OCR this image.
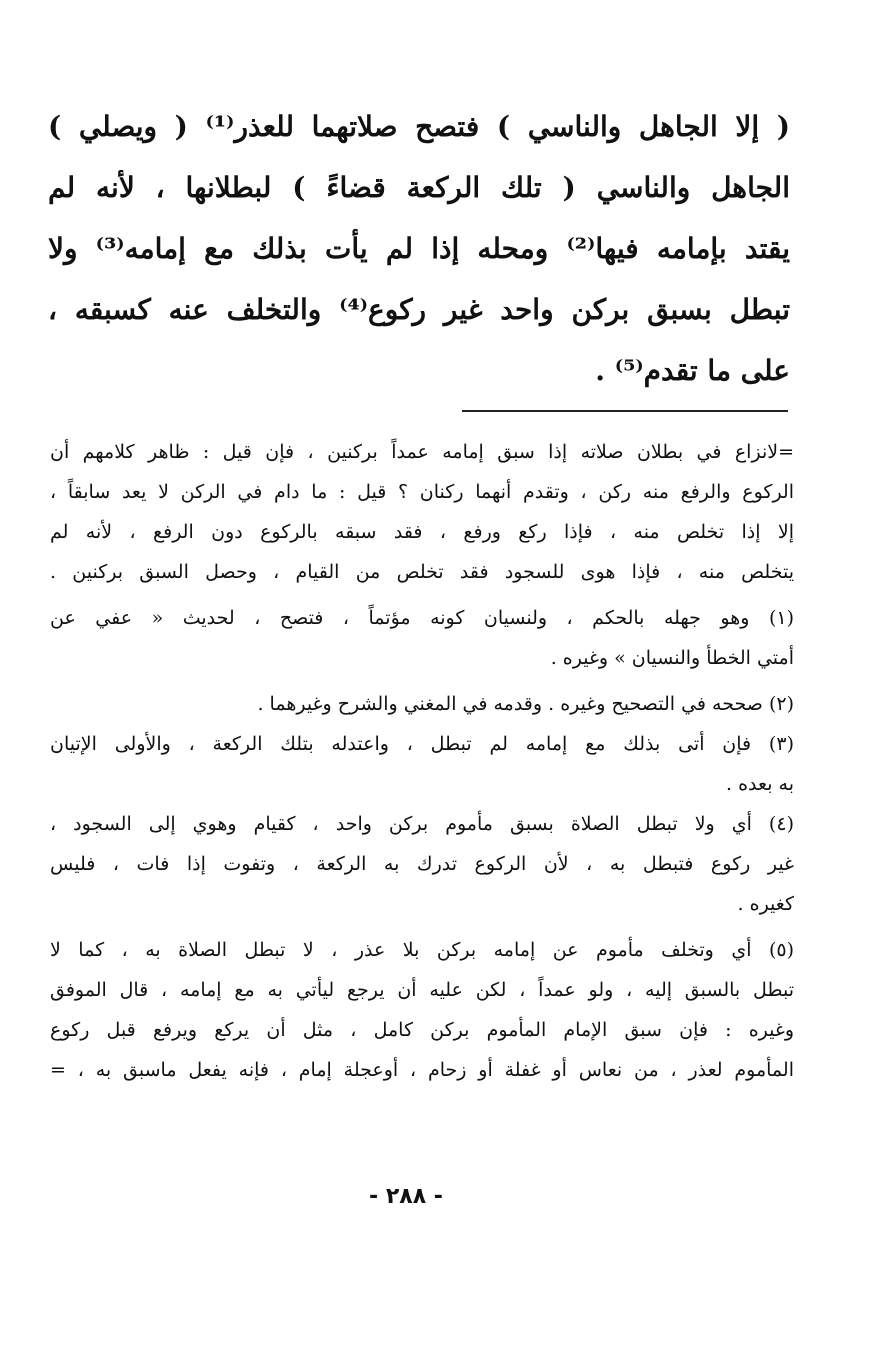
( إلا الجاهل والناسي ) فتصح صلاتهما للعذر⁽¹⁾ ( ويصلي )
الجاهل والناسي ( تلك الركعة قضاءً ) لبطلانها ، لأنه لم
يقتد بإمامه فيها⁽²⁾ ومحله إذا لم يأت بذلك مع إمامه⁽³⁾ ولا
تبطل بسبق بركن واحد غير ركوع⁽⁴⁾ والتخلف عنه كسبقه ،
على ما تقدم⁽⁵⁾ .
=لانزاع في بطلان صلاته إذا سبق إمامه عمداً بركنين ، فإن قيل : ظاهر كلامهم أن
الركوع والرفع منه ركن ، وتقدم أنهما ركنان ؟ قيل : ما دام في الركن لا يعد سابقاً ،
إلا إذا تخلص منه ، فإذا ركع ورفع ، فقد سبقه بالركوع دون الرفع ، لأنه لم
يتخلص منه ، فإذا هوى للسجود فقد تخلص من القيام ، وحصل السبق بركنين .
(١) وهو جهله بالحكم ، ولنسيان كونه مؤتماً ، فتصح ، لحديث « عفي عن
أمتي الخطأ والنسيان » وغيره .
(٢) صححه في التصحيح وغيره . وقدمه في المغني والشرح وغيرهما .
(٣) فإن أتى بذلك مع إمامه لم تبطل ، واعتدله بتلك الركعة ، والأولى الإتيان
به بعده .
(٤) أي ولا تبطل الصلاة بسبق مأموم بركن واحد ، كقيام وهوي إلى السجود ،
غير ركوع فتبطل به ، لأن الركوع تدرك به الركعة ، وتفوت إذا فات ، فليس
كغيره .
(٥) أي وتخلف مأموم عن إمامه بركن بلا عذر ، لا تبطل الصلاة به ، كما لا
تبطل بالسبق إليه ، ولو عمداً ، لكن عليه أن يرجع ليأتي به مع إمامه ، قال الموفق
وغيره : فإن سبق الإمام المأموم بركن كامل ، مثل أن يركع ويرفع قبل ركوع
المأموم لعذر ، من نعاس أو غفلة أو زحام ، أوعجلة إمام ، فإنه يفعل ماسبق به ، =
- ٢٨٨ -
